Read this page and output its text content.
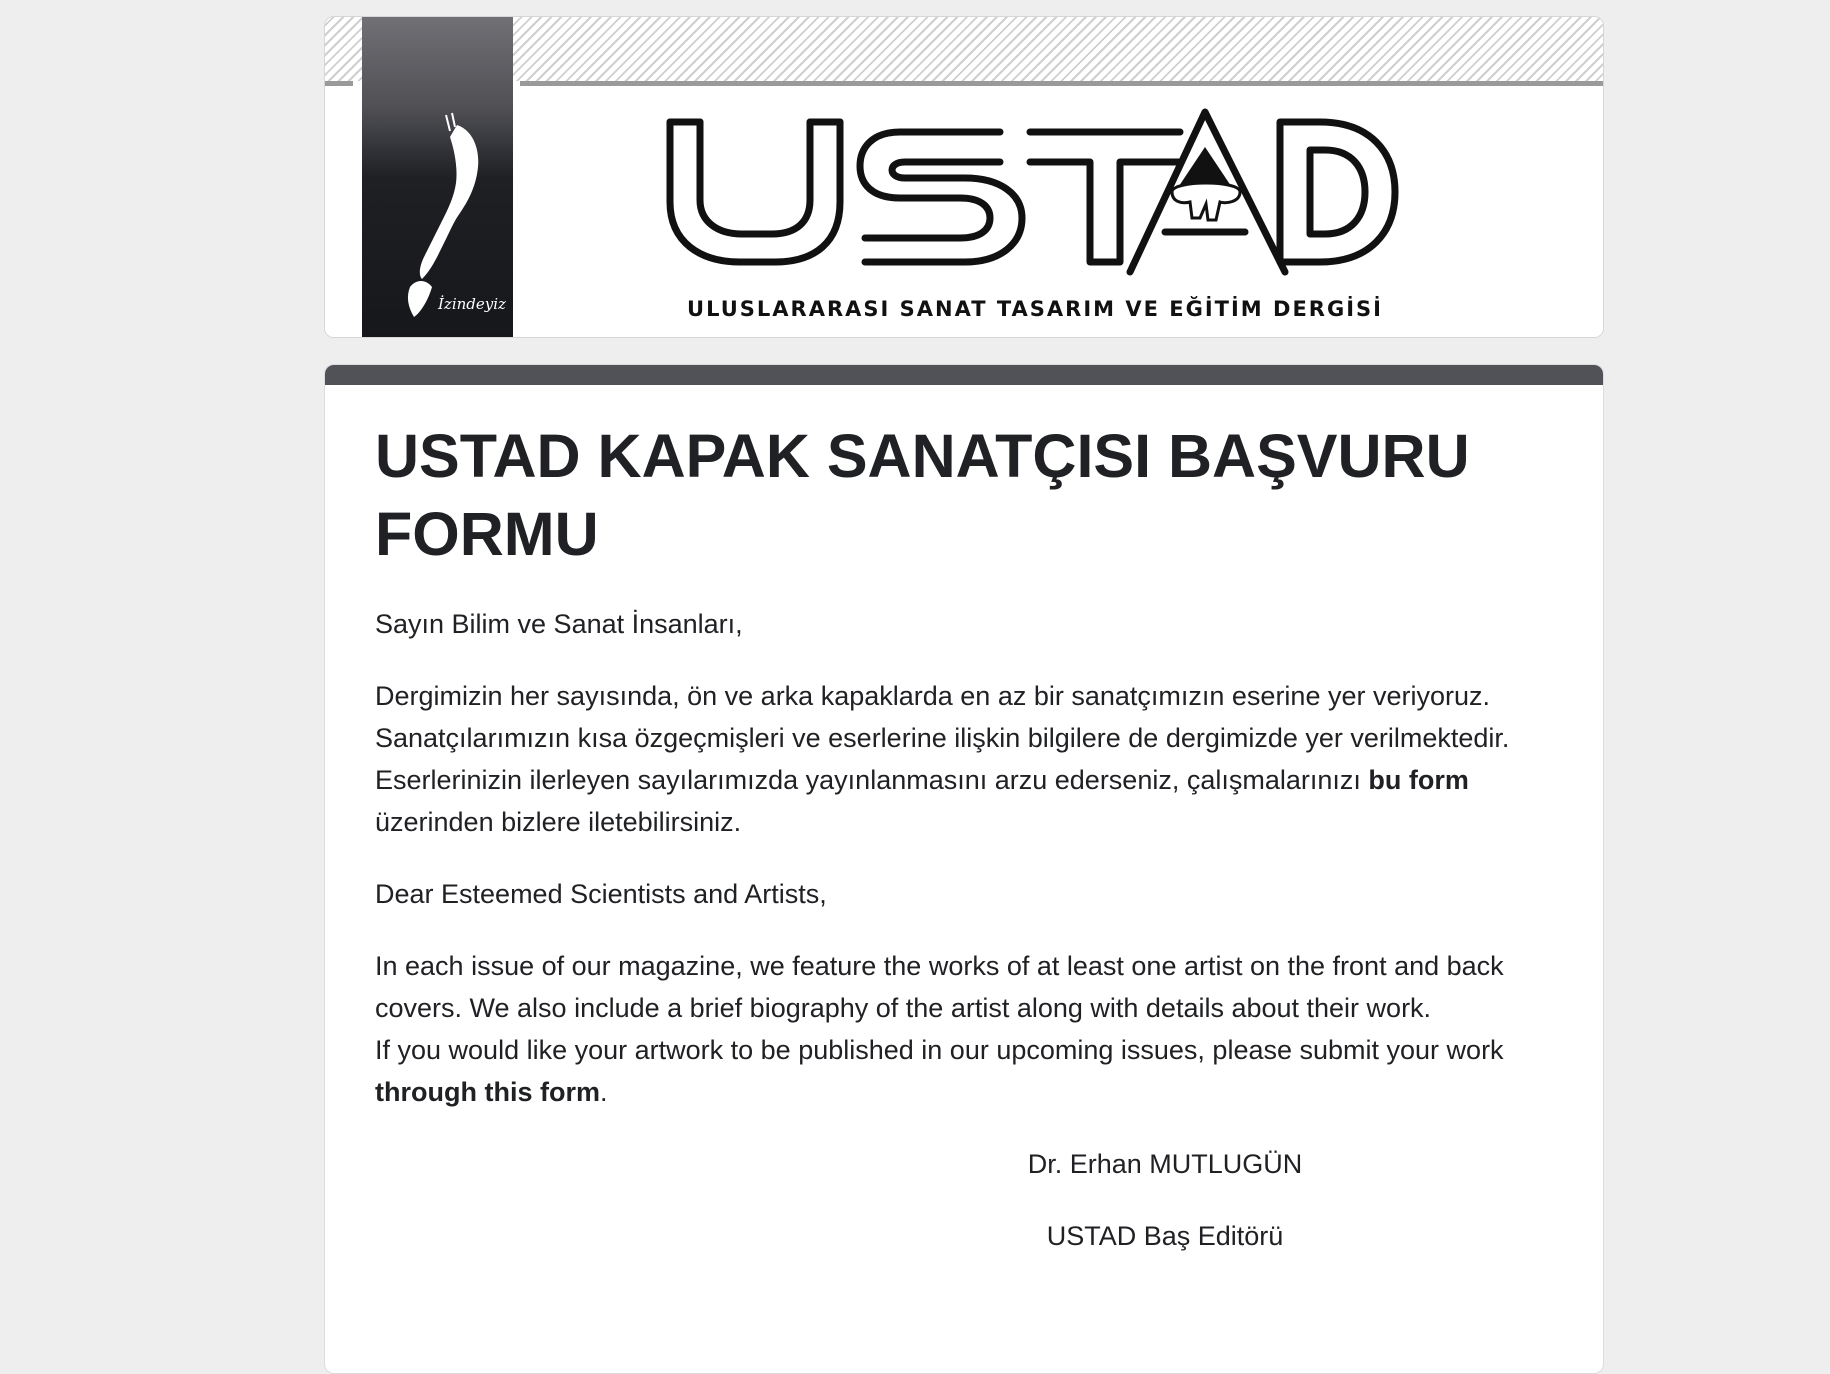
İzindeyiz	ULUSLARARASI SANAT TASARIM VE EĞİTİM DERGİSİ
USTAD KAPAK SANATÇISI BAŞVURU FORMU

Sayın Bilim ve Sanat İnsanları,

Dergimizin her sayısında, ön ve arka kapaklarda en az bir sanatçımızın eserine yer veriyoruz. Sanatçılarımızın kısa özgeçmişleri ve eserlerine ilişkin bilgilere de dergimizde yer verilmektedir.

Eserlerinizin ilerleyen sayılarımızda yayınlanmasını arzu ederseniz, çalışmalarınızı bu form üzerinden bizlere iletebilirsiniz.

Dear Esteemed Scientists and Artists,

In each issue of our magazine, we feature the works of at least one artist on the front and back covers. We also include a brief biography of the artist along with details about their work.

If you would like your artwork to be published in our upcoming issues, please submit your work through this form.

Dr. Erhan MUTLUGÜN

USTAD Baş Editörü
